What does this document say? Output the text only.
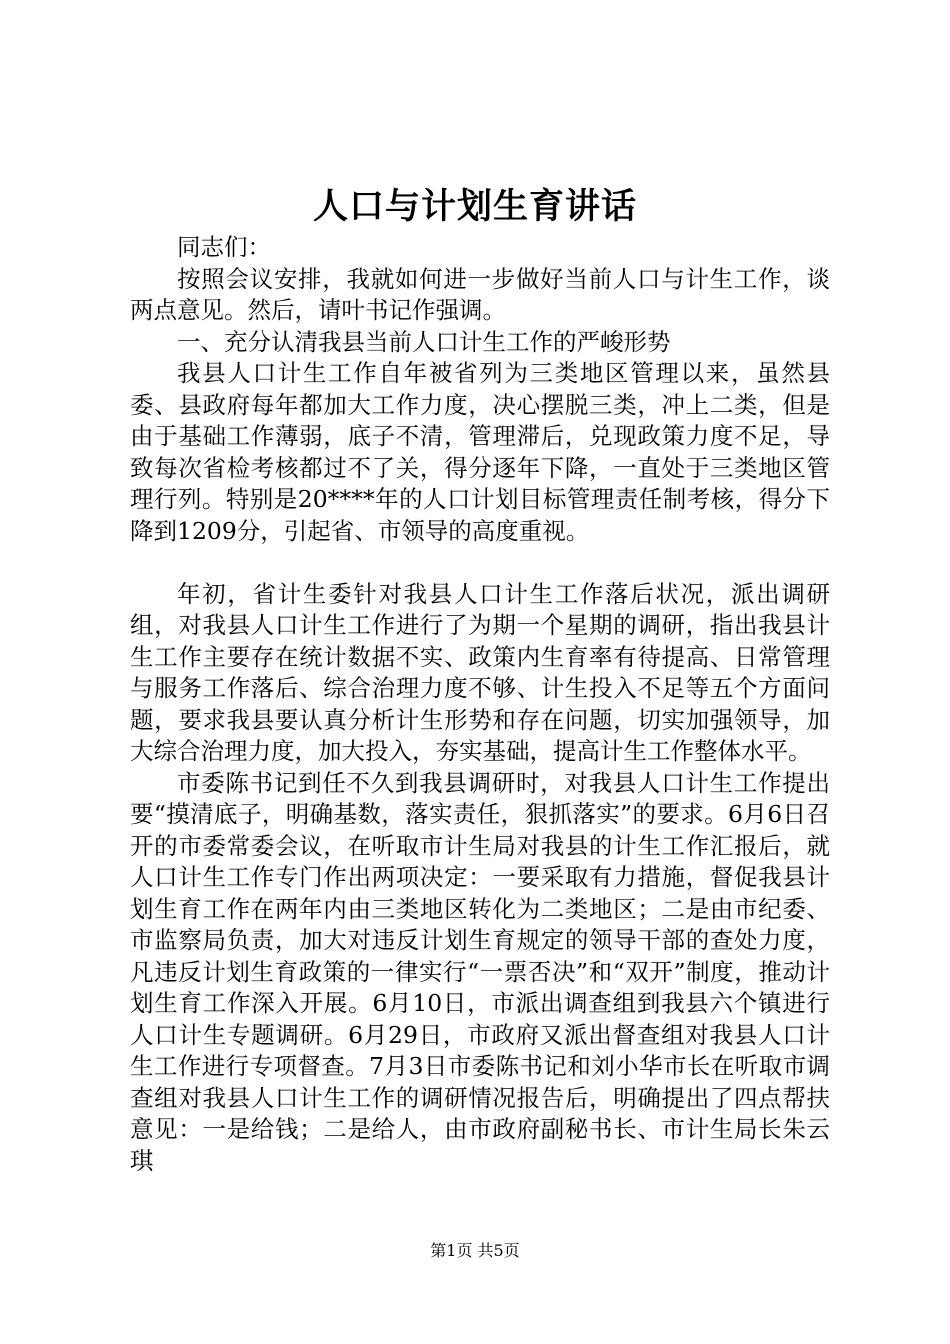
人口与计划生育讲话

同志们：

按照会议安排，我就如何进一步做好当前人口与计生工作，谈两点意见。然后，请叶书记作强调。

一、充分认清我县当前人口计生工作的严峻形势

我县人口计生工作自年被省列为三类地区管理以来，虽然县委、县政府每年都加大工作力度，决心摆脱三类，冲上二类，但是由于基础工作薄弱，底子不清，管理滞后，兑现政策力度不足，导致每次省检考核都过不了关，得分逐年下降，一直处于三类地区管理行列。特别是20****年的人口计划目标管理责任制考核，得分下降到1209分，引起省、市领导的高度重视。

年初，省计生委针对我县人口计生工作落后状况，派出调研组，对我县人口计生工作进行了为期一个星期的调研，指出我县计生工作主要存在统计数据不实、政策内生育率有待提高、日常管理与服务工作落后、综合治理力度不够、计生投入不足等五个方面问题，要求我县要认真分析计生形势和存在问题，切实加强领导，加大综合治理力度，加大投入，夯实基础，提高计生工作整体水平。

市委陈书记到任不久到我县调研时，对我县人口计生工作提出要“摸清底子，明确基数，落实责任，狠抓落实”的要求。6月6日召开的市委常委会议，在听取市计生局对我县的计生工作汇报后，就人口计生工作专门作出两项决定：一要采取有力措施，督促我县计划生育工作在两年内由三类地区转化为二类地区；二是由市纪委、市监察局负责，加大对违反计划生育规定的领导干部的查处力度，凡违反计划生育政策的一律实行“一票否决”和“双开”制度，推动计划生育工作深入开展。6月10日，市派出调查组到我县六个镇进行人口计生专题调研。6月29日，市政府又派出督查组对我县人口计生工作进行专项督查。7月3日市委陈书记和刘小华市长在听取市调查组对我县人口计生工作的调研情况报告后，明确提出了四点帮扶意见：一是给钱；二是给人，由市政府副秘书长、市计生局长朱云琪

第1页 共5页
